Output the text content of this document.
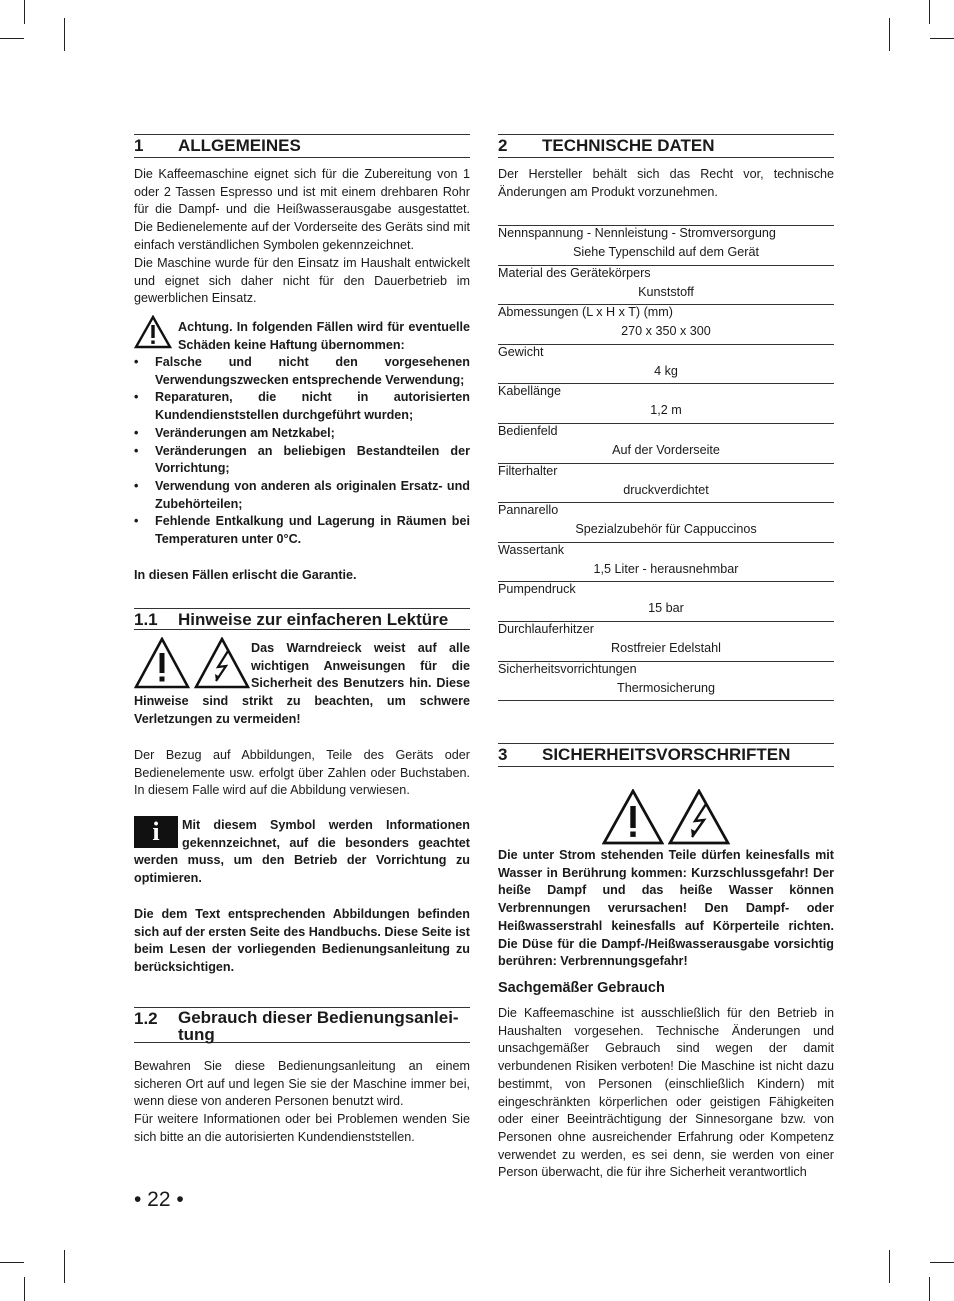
1 ALLGEMEINES

Die Kaffeemaschine eignet sich für die Zubereitung von 1 oder 2 Tassen Espresso und ist mit einem drehbaren Rohr für die Dampf- und die Heißwasserausgabe ausgestattet. Die Bedienelemente auf der Vorderseite des Geräts sind mit einfach verständlichen Symbolen gekennzeichnet.

Die Maschine wurde für den Einsatz im Haushalt entwickelt und eignet sich daher nicht für den Dauerbetrieb im gewerblichen Einsatz.

Achtung. In folgenden Fällen wird für eventuelle Schäden keine Haftung übernommen:

• Falsche und nicht den vorgesehenen Verwendungszwecken entsprechende Verwendung;
• Reparaturen, die nicht in autorisierten Kundendienststellen durchgeführt wurden;
• Veränderungen am Netzkabel;
• Veränderungen an beliebigen Bestandteilen der Vorrichtung;
• Verwendung von anderen als originalen Ersatz- und Zubehörteilen;
• Fehlende Entkalkung und Lagerung in Räumen bei Temperaturen unter 0°C.

In diesen Fällen erlischt die Garantie.

1.1 Hinweise zur einfacheren Lektüre

Das Warndreieck weist auf alle wichtigen Anweisungen für die Sicherheit des Benutzers hin. Diese Hinweise sind strikt zu beachten, um schwere Verletzungen zu vermeiden!

Der Bezug auf Abbildungen, Teile des Geräts oder Bedienelemente usw. erfolgt über Zahlen oder Buchstaben. In diesem Falle wird auf die Abbildung verwiesen.

i	Mit diesem Symbol werden Informationen gekennzeichnet, auf die besonders geachtet werden muss, um den Betrieb der Vorrichtung zu optimieren.

Die dem Text entsprechenden Abbildungen befinden sich auf der ersten Seite des Handbuchs. Diese Seite ist beim Lesen der vorliegenden Bedienungsanleitung zu berücksichtigen.

1.2 Gebrauch dieser Bedienungsanlei-
tung

Bewahren Sie diese Bedienungsanleitung an einem sicheren Ort auf und legen Sie sie der Maschine immer bei, wenn diese von anderen Personen benutzt wird.

Für weitere Informationen oder bei Problemen wenden Sie sich bitte an die autorisierten Kundendienststellen.

2 TECHNISCHE DATEN

Der Hersteller behält sich das Recht vor, technische Änderungen am Produkt vorzunehmen.

Nennspannung - Nennleistung - Stromversorgung
Siehe Typenschild auf dem Gerät
Material des Gerätekörpers
Kunststoff
Abmessungen (L x H x T) (mm)
270 x 350 x 300
Gewicht
4 kg
Kabellänge
1,2 m
Bedienfeld
Auf der Vorderseite
Filterhalter
druckverdichtet
Pannarello
Spezialzubehör für Cappuccinos
Wassertank
1,5 Liter - herausnehmbar
Pumpendruck
15 bar
Durchlauferhitzer
Rostfreier Edelstahl
Sicherheitsvorrichtungen
Thermosicherung
3 SICHERHEITSVORSCHRIFTEN

Die unter Strom stehenden Teile dürfen keinesfalls mit Wasser in Berührung kommen: Kurzschlussgefahr! Der heiße Dampf und das heiße Wasser können Verbrennungen verursachen! Den Dampf- oder Heißwasserstrahl keinesfalls auf Körperteile richten. Die Düse für die Dampf-/Heißwasserausgabe vorsichtig berühren: Verbrennungsgefahr!

Sachgemäßer Gebrauch

Die Kaffeemaschine ist ausschließlich für den Betrieb in Haushalten vorgesehen. Technische Änderungen und unsachgemäßer Gebrauch sind wegen der damit verbundenen Risiken verboten! Die Maschine ist nicht dazu bestimmt, von Personen (einschließlich Kindern) mit eingeschränkten körperlichen oder geistigen Fähigkeiten oder einer Beeinträchtigung der Sinnesorgane bzw. von Personen ohne ausreichender Erfahrung oder Kompetenz verwendet zu werden, es sei denn, sie werden von einer Person überwacht, die für ihre Sicherheit verantwortlich

• 22 •
